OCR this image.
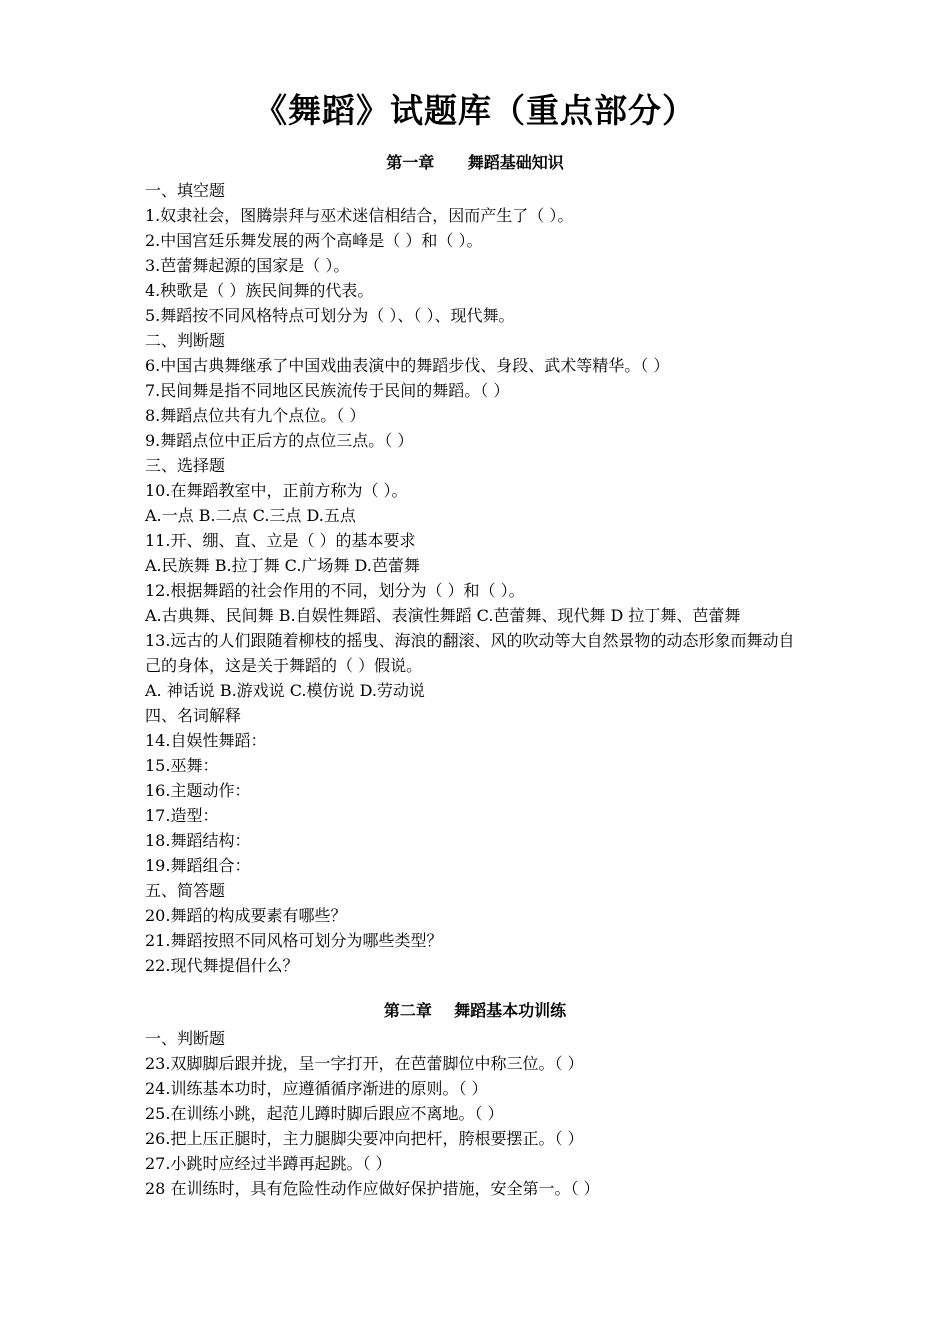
《舞蹈》试题库（重点部分）
第一章      舞蹈基础知识
一、填空题
1.奴隶社会，图腾崇拜与巫术迷信相结合，因而产生了（ ）。
2.中国宫廷乐舞发展的两个高峰是（ ）和（ ）。
3.芭蕾舞起源的国家是（ ）。
4.秧歌是（ ）族民间舞的代表。
5.舞蹈按不同风格特点可划分为（ ）、（ ）、现代舞。
二、判断题
6.中国古典舞继承了中国戏曲表演中的舞蹈步伐、身段、武术等精华。（ ）
7.民间舞是指不同地区民族流传于民间的舞蹈。（ ）
8.舞蹈点位共有九个点位。（ ）
9.舞蹈点位中正后方的点位三点。（ ）
三、选择题
10.在舞蹈教室中，正前方称为（ ）。
A.一点 B.二点 C.三点 D.五点
11.开、绷、直、立是（ ）的基本要求
A.民族舞 B.拉丁舞 C.广场舞 D.芭蕾舞
12.根据舞蹈的社会作用的不同，划分为（ ）和（ ）。
A.古典舞、民间舞 B.自娱性舞蹈、表演性舞蹈 C.芭蕾舞、现代舞 D 拉丁舞、芭蕾舞
13.远古的人们跟随着柳枝的摇曳、海浪的翻滚、风的吹动等大自然景物的动态形象而舞动自己的身体，这是关于舞蹈的（ ）假说。
A. 神话说 B.游戏说 C.模仿说 D.劳动说
四、名词解释
14.自娱性舞蹈：
15.巫舞：
16.主题动作：
17.造型：
18.舞蹈结构：
19.舞蹈组合：
五、简答题
20.舞蹈的构成要素有哪些？
21.舞蹈按照不同风格可划分为哪些类型？
22.现代舞提倡什么？
第二章    舞蹈基本功训练
一、判断题
23.双脚脚后跟并拢，呈一字打开，在芭蕾脚位中称三位。（ ）
24.训练基本功时，应遵循循序渐进的原则。（ ）
25.在训练小跳，起范儿蹲时脚后跟应不离地。（ ）
26.把上压正腿时，主力腿脚尖要冲向把杆，胯根要摆正。（ ）
27.小跳时应经过半蹲再起跳。（ ）
28 在训练时，具有危险性动作应做好保护措施，安全第一。（ ）
